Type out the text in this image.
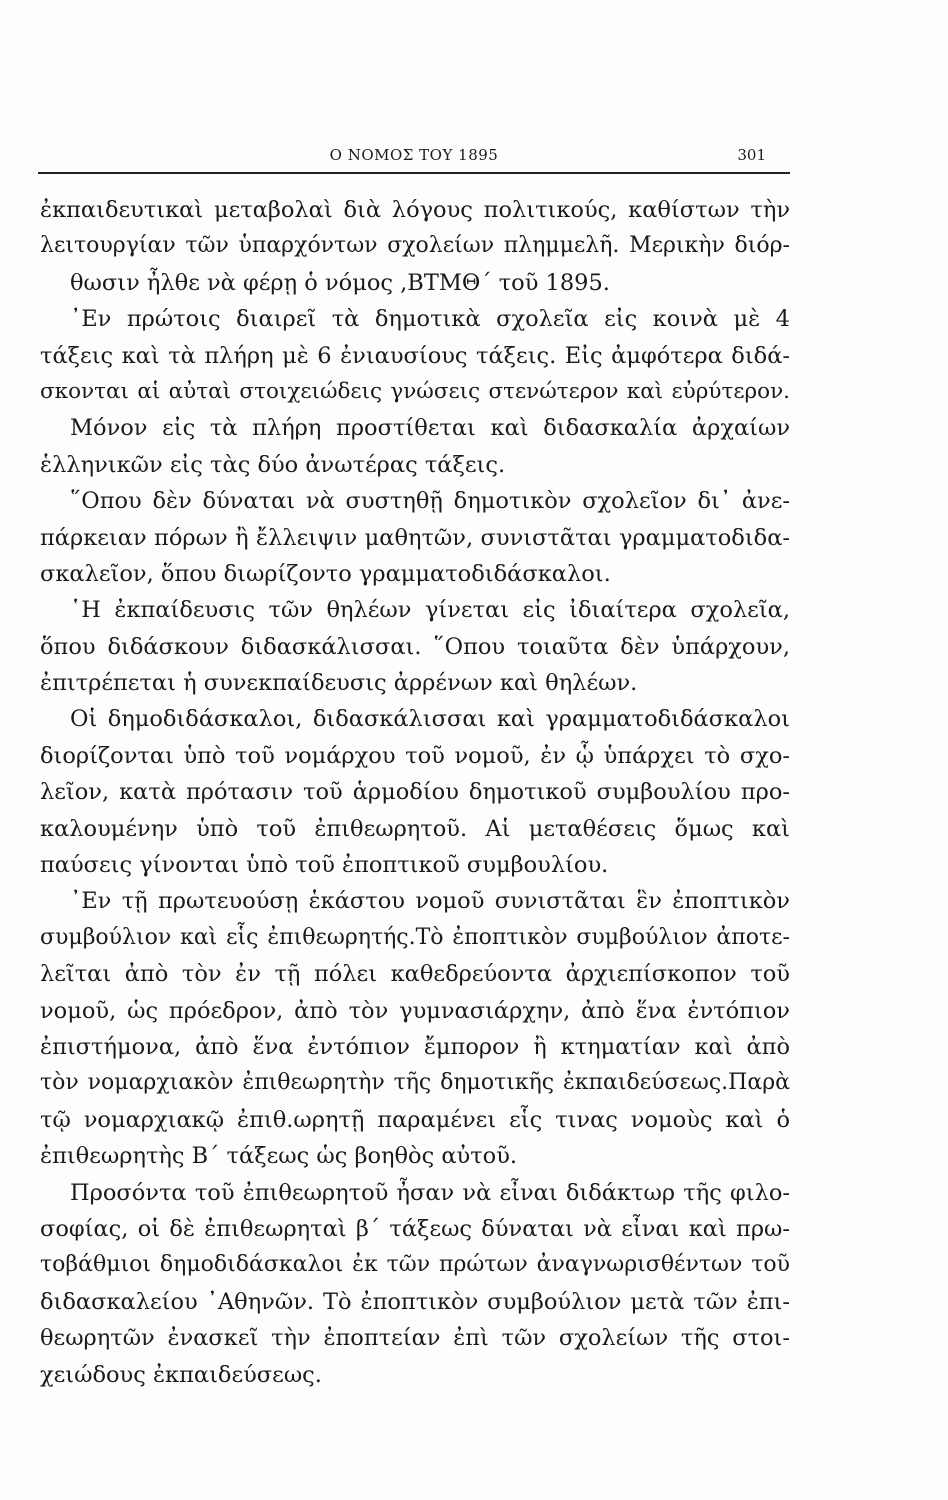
Ο ΝΟΜΟΣ ΤΟΥ 1895	301
ἐκπαιδευτικαὶ μεταβολαὶ διὰ λόγους πολιτικούς, καθίστων τὴν
λειτουργίαν τῶν ὑπαρχόντων σχολείων πλημμελῆ. Μερικὴν διόρ-
θωσιν ἦλθε νὰ φέρῃ ὁ νόμος ,ΒΤΜΘ΄ τοῦ 1895.
᾿Εν πρώτοις διαιρεῖ τὰ δημοτικὰ σχολεῖα εἰς κοινὰ μὲ 4
τάξεις καὶ τὰ πλήρη μὲ 6 ἐνιαυσίους τάξεις. Εἰς ἀμφότερα διδά-
σκονται αἱ αὐταὶ στοιχειώδεις γνώσεις στενώτερον καὶ εὐρύτερον.
Μόνον εἰς τὰ πλήρη προστίθεται καὶ διδασκαλία ἀρχαίων
ἑλληνικῶν εἰς τὰς δύο ἀνωτέρας τάξεις.
῞Οπου δὲν δύναται νὰ συστηθῇ δημοτικὸν σχολεῖον δι᾿ ἀνε-
πάρκειαν πόρων ἢ ἔλλειψιν μαθητῶν, συνιστᾶται γραμματοδιδα-
σκαλεῖον, ὅπου διωρίζοντο γραμματοδιδάσκαλοι.
῾Η ἐκπαίδευσις τῶν θηλέων γίνεται εἰς ἰδιαίτερα σχολεῖα,
ὅπου διδάσκουν διδασκάλισσαι. ῞Οπου τοιαῦτα δὲν ὑπάρχουν,
ἐπιτρέπεται ἡ συνεκπαίδευσις ἀρρένων καὶ θηλέων.
Οἱ δημοδιδάσκαλοι, διδασκάλισσαι καὶ γραμματοδιδάσκαλοι
διορίζονται ὑπὸ τοῦ νομάρχου τοῦ νομοῦ, ἐν ᾧ ὑπάρχει τὸ σχο-
λεῖον, κατὰ πρότασιν τοῦ ἁρμοδίου δημοτικοῦ συμβουλίου προ-
καλουμένην ὑπὸ τοῦ ἐπιθεωρητοῦ. Αἱ μεταθέσεις ὅμως καὶ
παύσεις γίνονται ὑπὸ τοῦ ἐποπτικοῦ συμβουλίου.
᾿Εν τῇ πρωτευούσῃ ἑκάστου νομοῦ συνιστᾶται ἓν ἐποπτικὸν
συμβούλιον καὶ εἷς ἐπιθεωρητής.Τὸ ἐποπτικὸν συμβούλιον ἀποτε-
λεῖται ἀπὸ τὸν ἐν τῇ πόλει καθεδρεύοντα ἀρχιεπίσκοπον τοῦ
νομοῦ, ὡς πρόεδρον, ἀπὸ τὸν γυμνασιάρχην, ἀπὸ ἕνα ἐντόπιον
ἐπιστήμονα, ἀπὸ ἕνα ἐντόπιον ἔμπορον ἢ κτηματίαν καὶ ἀπὸ
τὸν νομαρχιακὸν ἐπιθεωρητὴν τῆς δημοτικῆς ἐκπαιδεύσεως.Παρὰ
τῷ νομαρχιακῷ ἐπιθ.ωρητῇ παραμένει εἷς τινας νομοὺς καὶ ὁ
ἐπιθεωρητὴς Β΄ τάξεως ὡς βοηθὸς αὐτοῦ.
Προσόντα τοῦ ἐπιθεωρητοῦ ἦσαν νὰ εἶναι διδάκτωρ τῆς φιλο-
σοφίας, οἱ δὲ ἐπιθεωρηταὶ β΄ τάξεως δύναται νὰ εἶναι καὶ πρω-
τοβάθμιοι δημοδιδάσκαλοι ἐκ τῶν πρώτων ἀναγνωρισθέντων τοῦ
διδασκαλείου ᾿Αθηνῶν. Τὸ ἐποπτικὸν συμβούλιον μετὰ τῶν ἐπι-
θεωρητῶν ἐνασκεῖ τὴν ἐποπτείαν ἐπὶ τῶν σχολείων τῆς στοι-
χειώδους ἐκπαιδεύσεως.
